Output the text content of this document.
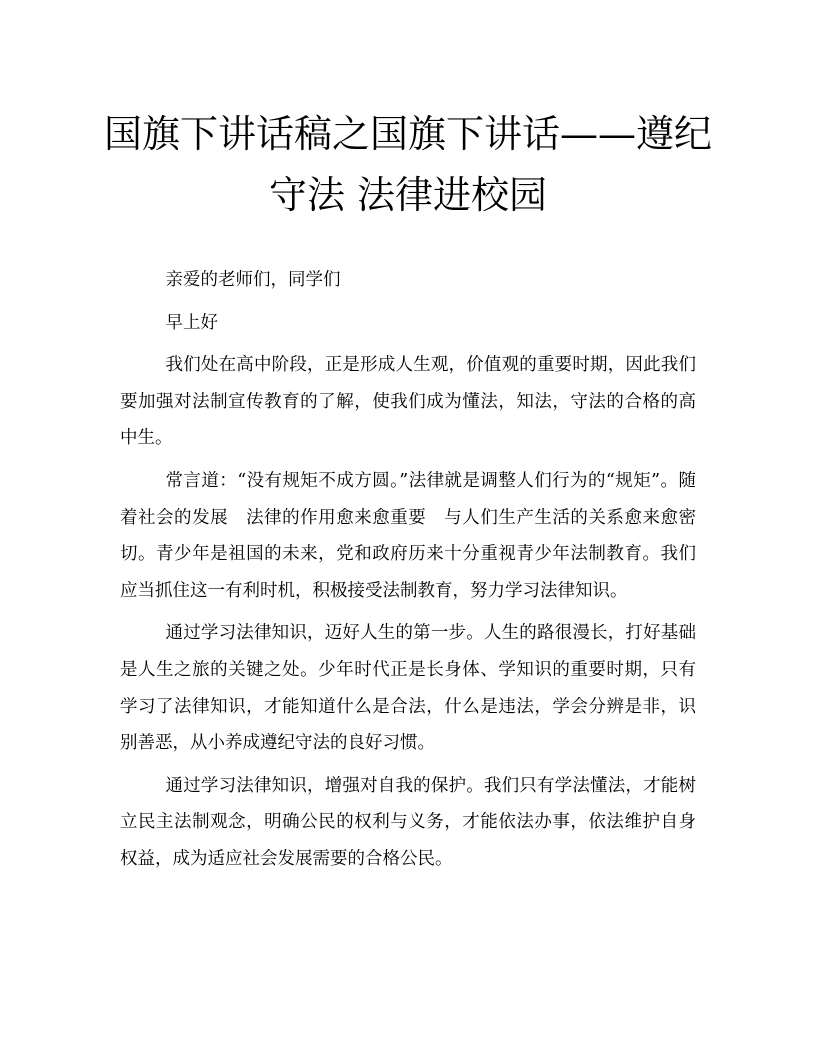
国旗下讲话稿之国旗下讲话——遵纪守法 法律进校园

亲爱的老师们，同学们

早上好

我们处在高中阶段，正是形成人生观，价值观的重要时期，因此我们要加强对法制宣传教育的了解，使我们成为懂法，知法，守法的合格的高中生。

常言道：“没有规矩不成方圆。”法律就是调整人们行为的“规矩”。随着社会的发展　法律的作用愈来愈重要　与人们生产生活的关系愈来愈密切。青少年是祖国的未来，党和政府历来十分重视青少年法制教育。我们应当抓住这一有利时机，积极接受法制教育，努力学习法律知识。

通过学习法律知识，迈好人生的第一步。人生的路很漫长，打好基础是人生之旅的关键之处。少年时代正是长身体、学知识的重要时期，只有学习了法律知识，才能知道什么是合法，什么是违法，学会分辨是非，识别善恶，从小养成遵纪守法的良好习惯。

通过学习法律知识，增强对自我的保护。我们只有学法懂法，才能树立民主法制观念，明确公民的权利与义务，才能依法办事，依法维护自身权益，成为适应社会发展需要的合格公民。
